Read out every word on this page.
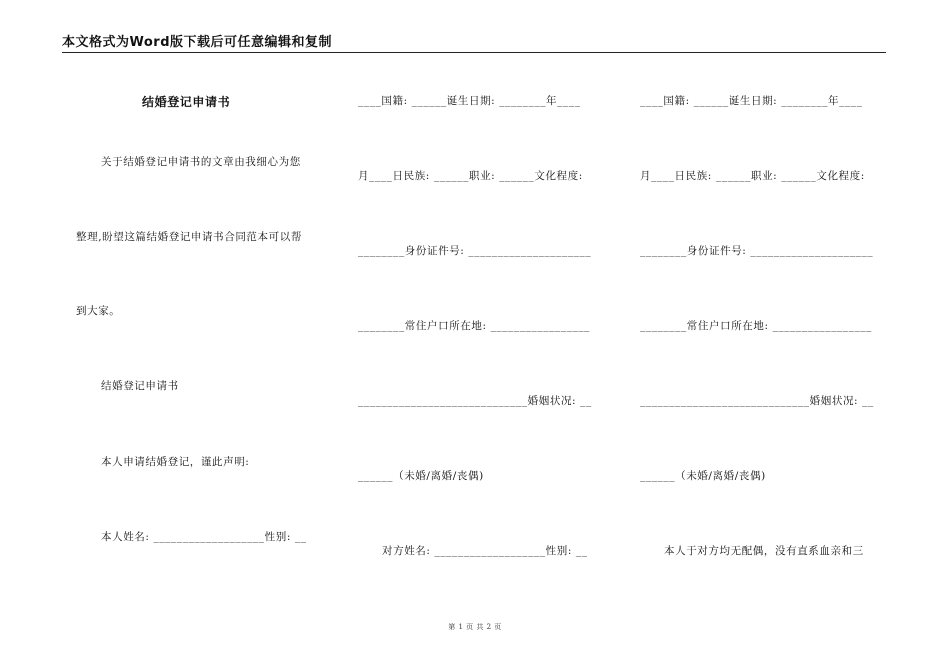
本文格式为Word版下载后可任意编辑和复制
结婚登记申请书
关于结婚登记申请书的文章由我细心为您
整理,盼望这篇结婚登记申请书合同范本可以帮
到大家。
结婚登记申请书
本人申请结婚登记，谨此声明:
本人姓名: ___________________性别: __
____国籍: ______诞生日期: ________年____
月____日民族: ______职业: ______文化程度:
________身份证件号: _____________________
________常住户口所在地: _________________
_____________________________婚姻状况: __
______（未婚/离婚/丧偶)
对方姓名: ___________________性别: __
____国籍: ______诞生日期: ________年____
月____日民族: ______职业: ______文化程度:
________身份证件号: _____________________
________常住户口所在地: _________________
_____________________________婚姻状况: __
______（未婚/离婚/丧偶)
本人于对方均无配偶，没有直系血亲和三
第 1 页 共 2 页
